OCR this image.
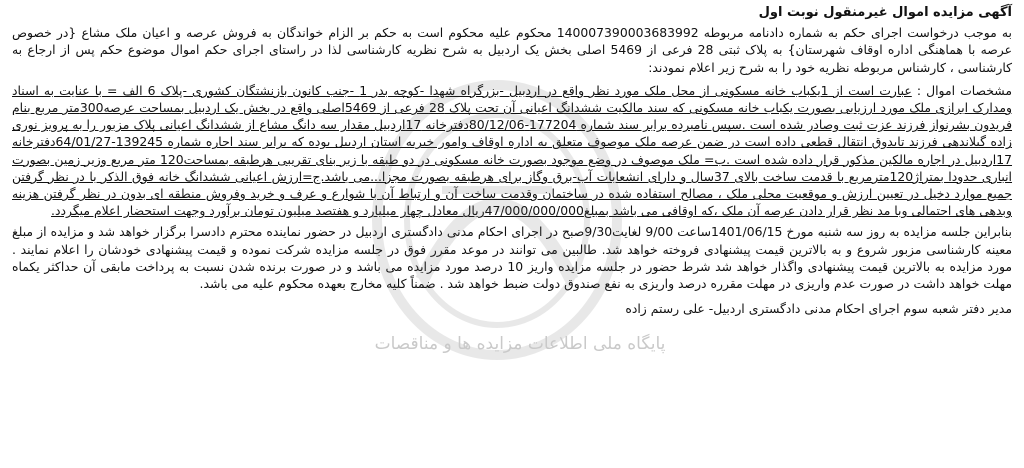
پایگاه ملی اطلاعات مزایده ها و مناقصات
آگهی مزایده اموال غیرمنقول نوبت اول

به موجب درخواست اجرای حکم به شماره دادنامه مربوطه 140007390003683992 محکوم علیه محکوم است به حکم بر الزام خواندگان به فروش عرصه و اعیان ملک مشاع {در خصوص عرصه با هماهنگی اداره اوقاف شهرستان} به پلاک ثبتی 28 فرعی از 5469 اصلی بخش یک اردبیل به شرح نظریه کارشناسی لذا در راستای اجرای حکم اموال موضوع حکم پس از ارجاع به کارشناسی ، کارشناس مربوطه نظریه خود را به شرح زیر اعلام نمودند:

مشخصات اموال : عبارت است از 1یکباب خانه مسکونی از محل ملک مورد نظر واقع در اردبیل -بزرگراه شهدا -کوچه بدر 1 -جنب کانون بازنشتگان کشوری -پلاک 6 الف = با عنایت به اسناد ومدارک ابرازی ملک مورد ارزیابی بصورت یکباب خانه مسکونی که سند مالکیت ششدانگ اعیانی آن تحت پلاک 28 فرعی از 5469اصلی واقع در بخش یک اردبیل بمساحت عرصه300متر مربع بنام فریدون بشرنواز فرزند عزت ثبت وصادر شده است .سپس نامبرده برابر سند شماره 177204-80/12/06دفترخانه 17اردبیل مقدار سه دانگ مشاع از ششدانگ اعیانی پلاک مزبور را به پرویز نوری زاده گیلاندهی فرزند تایدوق انتقال قطعی داده است در ضمن عرصه ملک موصوف متعلق به اداره اوقاف وامور خیریه استان اردبیل بوده که برابر سند اجاره شماره 139245-64/01/27دفترخانه 17اردبیل در اجاره مالکین مذکور قرار داده شده است .ب= ملک موصوف در وضع موجود بصورت خانه مسکونی در دو طبقه با زیر بنای تقریبی هرطبقه بمساحت120 متر مربع وزیر زمین بصورت انباری حدودا بمتراژ120مترمربع با قدمت ساخت بالای 37سال و دارای انشعابات آب-برق وگاز برای هرطبقه بصورت مجزا...می باشد.ج=ارزش اعیانی ششدانگ خانه فوق الذکر با در نظر گرفتن جمیع موارد دخیل در تعیین ارزش و موقعیت محلی ملک ، مصالح استفاده شده در ساختمان وقدمت ساخت آن و ارتباط آن با شوارع و عرف و خرید وفروش منطقه ای بدون در نظر گرفتن هزینه وبدهی های احتمالی وبا مد نظر قرار دادن عرصه آن ملک ،که اوقافی می باشد بمبلغ47/000/000/000ریال معادل چهار میلیارد و هفتصد میلیون تومان برآورد وجهت استحضار اعلام میگردد.

بنابراین جلسه مزایده به روز سه شنبه مورخ 1401/06/15ساعت 9/00 لغایت9/30صبح در اجرای احکام مدنی دادگستری اردبیل در حضور نماینده محترم دادسرا برگزار خواهد شد و مزایده از مبلغ معینه کارشناسی مزبور شروع و به بالاترین قیمت پیشنهادی فروخته خواهد شد. طالبین می توانند در موعد مقرر فوق در جلسه مزایده شرکت نموده و قیمت پیشنهادی خودشان را اعلام نمایند . مورد مزایده به بالاترین قیمت پیشنهادی واگذار خواهد شد شرط حضور در جلسه مزایده واریز 10 درصد مورد مزایده می باشد و در صورت برنده شدن نسبت به پرداخت مابقی آن حداکثر یکماه مهلت خواهد داشت در صورت عدم واریزی در مهلت مقرره درصد واریزی به نفع صندوق دولت ضبط خواهد شد . ضمناً کلیه مخارج بعهده محکوم علیه می باشد.

مدیر دفتر شعبه سوم اجرای احکام مدنی دادگستری اردبیل- علی رستم زاده
